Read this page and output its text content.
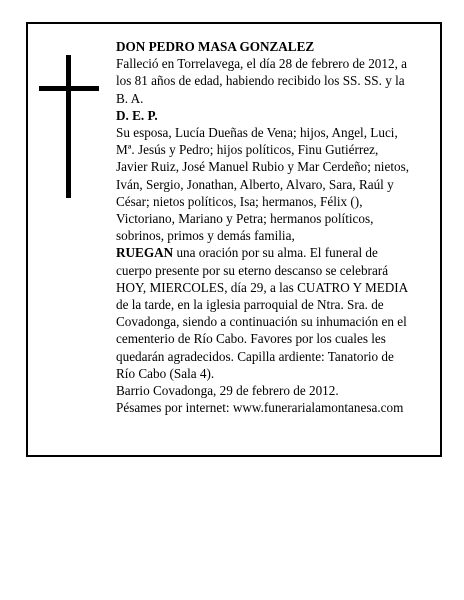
DON PEDRO MASA GONZALEZ
Falleció en Torrelavega, el día 28 de febrero de 2012, a
los 81 años de edad, habiendo recibido los SS. SS. y la
B. A.
D. E. P.
Su esposa, Lucía Dueñas de Vena; hijos, Angel, Luci,
Mª. Jesús y Pedro; hijos políticos, Finu Gutiérrez,
Javier Ruiz, José Manuel Rubio y Mar Cerdeño; nietos,
Iván, Sergio, Jonathan, Alberto, Alvaro, Sara, Raúl y
César; nietos políticos, Isa; hermanos, Félix (),
Victoriano, Mariano y Petra; hermanos políticos,
sobrinos, primos y demás familia,
RUEGAN una oración por su alma. El funeral de
cuerpo presente por su eterno descanso se celebrará
HOY, MIERCOLES, día 29, a las CUATRO Y MEDIA
de la tarde, en la iglesia parroquial de Ntra. Sra. de
Covadonga, siendo a continuación su inhumación en el
cementerio de Río Cabo. Favores por los cuales les
quedarán agradecidos. Capilla ardiente: Tanatorio de
Río Cabo (Sala 4).
Barrio Covadonga, 29 de febrero de 2012.
Pésames por internet: www.funerarialamontanesa.com
